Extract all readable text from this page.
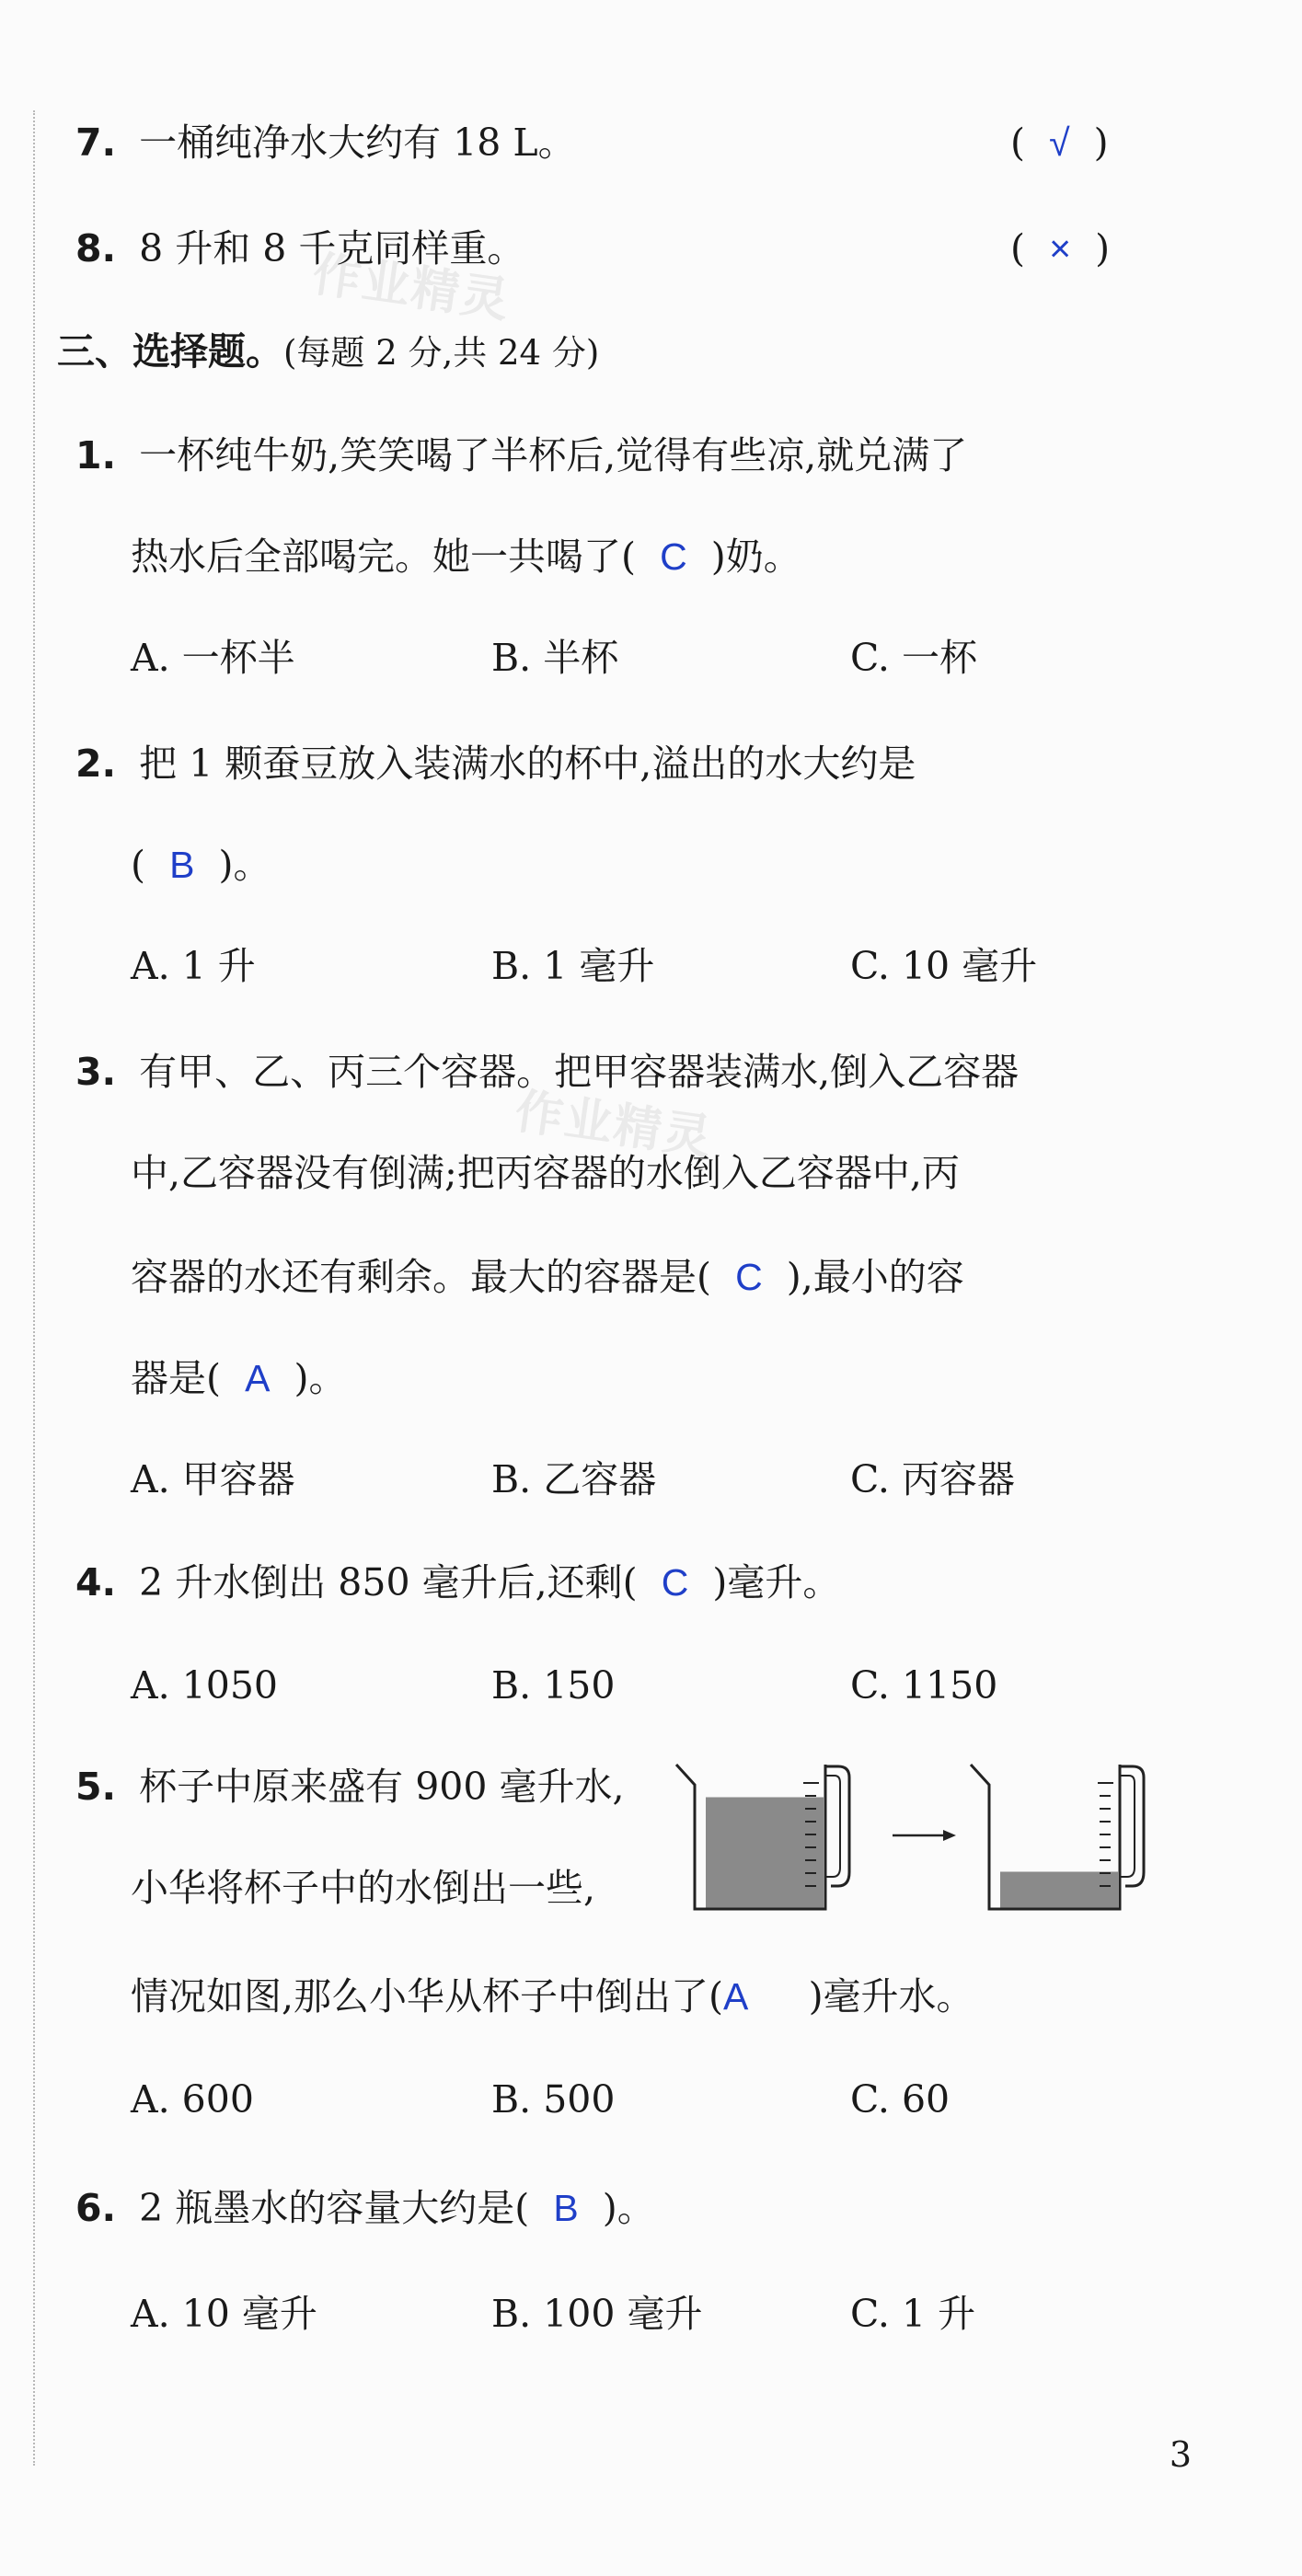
作业精灵
作业精灵
7. 一桶纯净水大约有 18 L。	(  √  )
8. 8 升和 8 千克同样重。	(  ×  )
三、选择题。(每题 2 分,共 24 分)
1. 一杯纯牛奶,笑笑喝了半杯后,觉得有些凉,就兑满了
热水后全部喝完。她一共喝了( C )奶。
A. 一杯半	B. 半杯	C. 一杯
2. 把 1 颗蚕豆放入装满水的杯中,溢出的水大约是
( B )。
A. 1 升	B. 1 毫升	C. 10 毫升
3. 有甲、乙、丙三个容器。把甲容器装满水,倒入乙容器
中,乙容器没有倒满;把丙容器的水倒入乙容器中,丙
容器的水还有剩余。最大的容器是( C ),最小的容
器是( A )。
A. 甲容器	B. 乙容器	C. 丙容器
4. 2 升水倒出 850 毫升后,还剩( C )毫升。
A. 1050	B. 150	C. 1150
5. 杯子中原来盛有 900 毫升水,
小华将杯子中的水倒出一些,
情况如图,那么小华从杯子中倒出了(A )毫升水。
A. 600	B. 500	C. 60
6. 2 瓶墨水的容量大约是( B )。
A. 10 毫升	B. 100 毫升	C. 1 升
3
